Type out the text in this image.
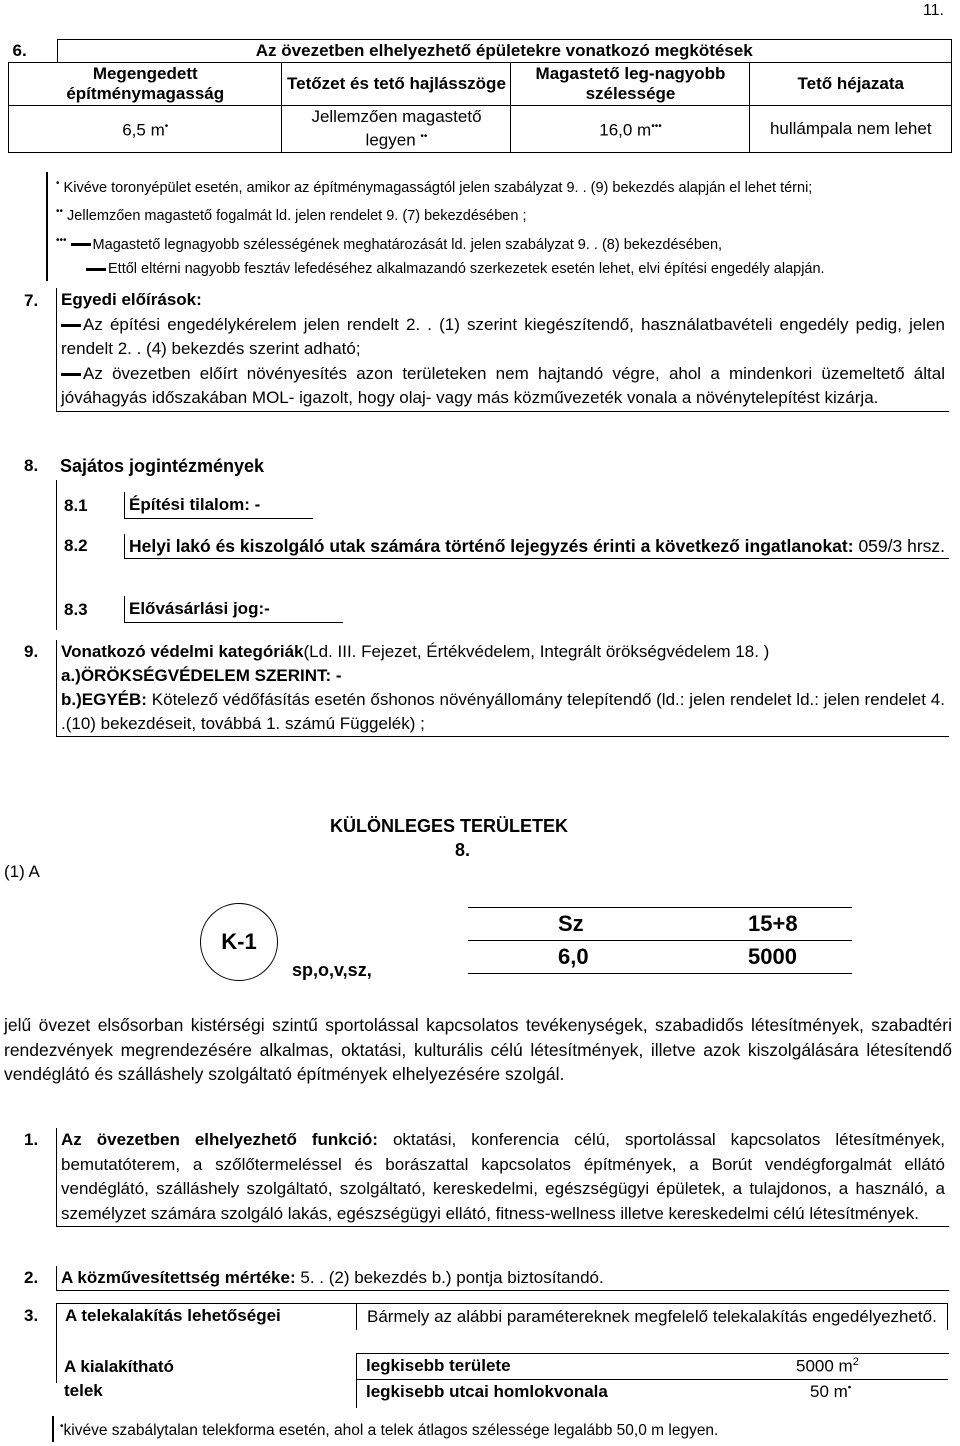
11.
6.	Az övezetben elhelyezhető épületekre vonatkozó megkötések			
Megengedett építménymagasság		Tetőzet és tető hajlásszöge	Magastető leg-nagyobb szélessége	Tető héjazata
6,5 m•		Jellemzően magastető legyen ••	16,0 m•••	hullámpala nem lehet
• Kivéve toronyépület esetén, amikor az építménymagasságtól jelen szabályzat 9. . (9) bekezdés alapján el lehet térni;
•• Jellemzően magastető fogalmát ld. jelen rendelet 9. (7) bekezdésében ;
••• Magastető legnagyobb szélességének meghatározását ld. jelen szabályzat 9. . (8) bekezdésében,
Ettől eltérni nagyobb fesztáv lefedéséhez alkalmazandó szerkezetek esetén lehet, elvi építési engedély alapján.
7. Egyedi előírások:
Az építési engedélykérelem jelen rendelt 2. . (1) szerint kiegészítendő, használatbavételi engedély pedig, jelen rendelt 2. . (4) bekezdés szerint adható;
Az övezetben előírt növényesítés azon területeken nem hajtandó végre, ahol a mindenkori üzemeltető által jóváhagyás időszakában MOL- igazolt, hogy olaj- vagy más közművezeték vonala a növénytelepítést kizárja.
8. Sajátos jogintézmények
8.1 Építési tilalom: -
8.2 Helyi lakó és kiszolgáló utak számára történő lejegyzés érinti a következő ingatlanokat: 059/3 hrsz.
8.3 Elővásárlási jog:-
9. Vonatkozó védelmi kategóriák(Ld. III. Fejezet, Értékvédelem, Integrált örökségvédelem 18. )
a.)ÖRÖKSÉGVÉDELEM SZERINT: -
b.)EGYÉB: Kötelező védőfásítás esetén őshonos növényállomány telepítendő (ld.: jelen rendelet ld.: jelen rendelet 4. .(10) bekezdéseit, továbbá 1. számú Függelék) ;
KÜLÖNLEGES TERÜLETEK
8.
(1) A
K-1
sp,o,v,sz,
Sz	15+8
6,0	5000
jelű övezet elsősorban kistérségi szintű sportolással kapcsolatos tevékenységek, szabadidős létesítmények, szabadtéri rendezvények megrendezésére alkalmas, oktatási, kulturális célú létesítmények, illetve azok kiszolgálására létesítendő vendéglátó és szálláshely szolgáltató építmények elhelyezésére szolgál.
1. Az övezetben elhelyezhető funkció: oktatási, konferencia célú, sportolással kapcsolatos létesítmények, bemutatóterem, a szőlőtermeléssel és borászattal kapcsolatos építmények, a Borút vendégforgalmát ellátó vendéglátó, szálláshely szolgáltató, szolgáltató, kereskedelmi, egészségügyi épületek, a tulajdonos, a használó, a személyzet számára szolgáló lakás, egészségügyi ellátó, fitness-wellness illetve kereskedelmi célú létesítmények.
2. A közművesítettség mértéke: 5. . (2) bekezdés b.) pontja biztosítandó.
3. A telekalakítás lehetőségei	Bármely az alábbi paramétereknek megfelelő telekalakítás engedélyezhető.
A kialakítható telek
legkisebb területe	5000 $m^2$
legkisebb utcai homlokvonala	50 m•
•kivéve szabálytalan telekforma esetén, ahol a telek átlagos szélessége legalább 50,0 m legyen.
